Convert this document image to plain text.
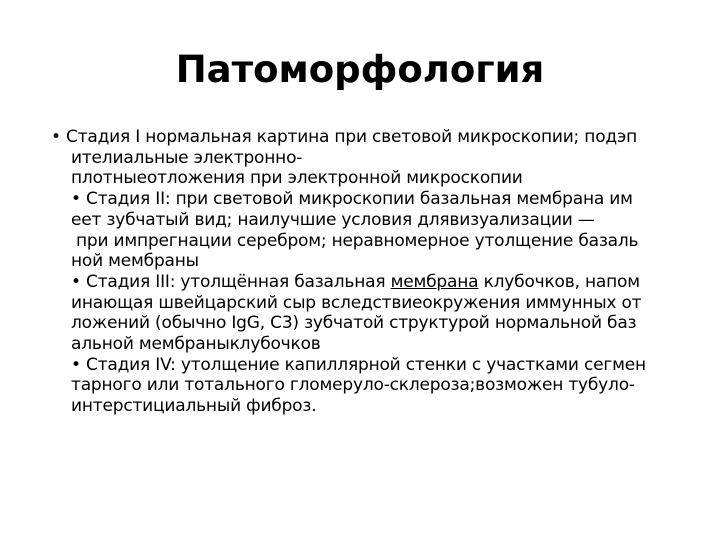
Патоморфология
• Стадия I нормальная картина при световой микроскопии; подэп
ителиальные электронно-
плотныеотложения при электронной микроскопии
• Стадия II: при световой микроскопии базальная мембрана им
еет зубчатый вид; наилучшие условия длявизуализации —
при импрегнации серебром; неравномерное утолщение базаль
ной мембраны
• Стадия III: утолщённая базальная мембрана клубочков, напом
инающая швейцарский сыр вследствиеокружения иммунных от
ложений (обычно IgG, C3) зубчатой структурой нормальной баз
альной мембраныклубочков
• Стадия IV: утолщение капиллярной стенки с участками сегмен
тарного или тотального гломеруло-склероза;возможен тубуло-
интерстициальный фиброз.
